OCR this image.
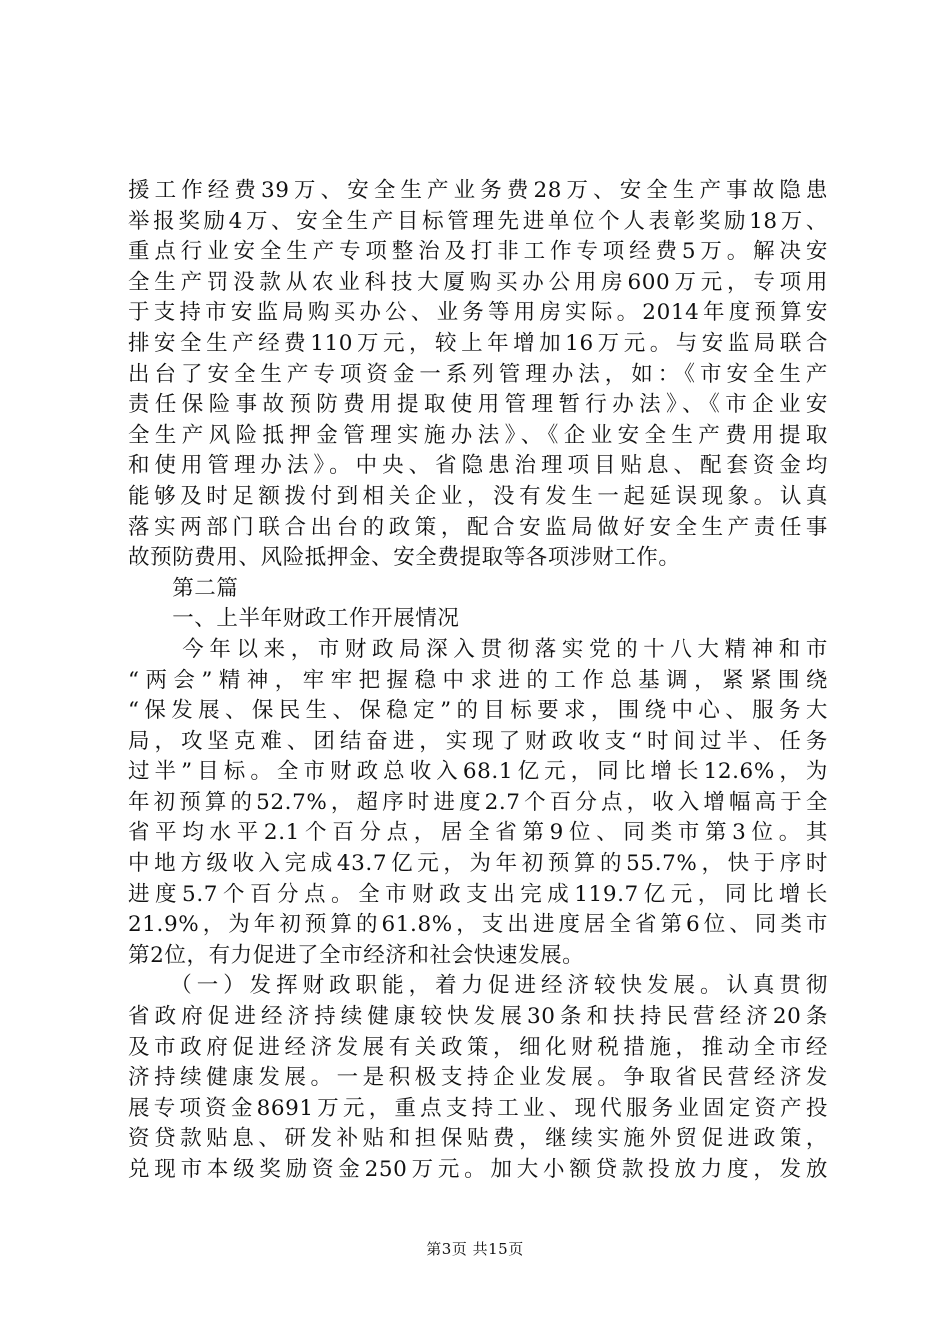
援工作经费39万、安全生产业务费28万、安全生产事故隐患
举报奖励4万、安全生产目标管理先进单位个人表彰奖励18万、
重点行业安全生产专项整治及打非工作专项经费5万。解决安
全生产罚没款从农业科技大厦购买办公用房600万元，专项用
于支持市安监局购买办公、业务等用房实际。2014年度预算安
排安全生产经费110万元，较上年增加16万元。与安监局联合
出台了安全生产专项资金一系列管理办法，如：《市安全生产
责任保险事故预防费用提取使用管理暂行办法》、《市企业安
全生产风险抵押金管理实施办法》、《企业安全生产费用提取
和使用管理办法》。中央、省隐患治理项目贴息、配套资金均
能够及时足额拨付到相关企业，没有发生一起延误现象。认真
落实两部门联合出台的政策，配合安监局做好安全生产责任事
故预防费用、风险抵押金、安全费提取等各项涉财工作。
　　第二篇
　　一、上半年财政工作开展情况
　　今年以来，市财政局深入贯彻落实党的十八大精神和市
“两会”精神，牢牢把握稳中求进的工作总基调，紧紧围绕
“保发展、保民生、保稳定”的目标要求，围绕中心、服务大
局，攻坚克难、团结奋进，实现了财政收支“时间过半、任务
过半”目标。全市财政总收入68.1亿元，同比增长12.6%，为
年初预算的52.7%，超序时进度2.7个百分点，收入增幅高于全
省平均水平2.1个百分点，居全省第9位、同类市第3位。其
中地方级收入完成43.7亿元，为年初预算的55.7%，快于序时
进度5.7个百分点。全市财政支出完成119.7亿元，同比增长
21.9%，为年初预算的61.8%，支出进度居全省第6位、同类市
第2位，有力促进了全市经济和社会快速发展。
　　（一）发挥财政职能，着力促进经济较快发展。认真贯彻
省政府促进经济持续健康较快发展30条和扶持民营经济20条
及市政府促进经济发展有关政策，细化财税措施，推动全市经
济持续健康发展。一是积极支持企业发展。争取省民营经济发
展专项资金8691万元，重点支持工业、现代服务业固定资产投
资贷款贴息、研发补贴和担保贴费，继续实施外贸促进政策，
兑现市本级奖励资金250万元。加大小额贷款投放力度，发放
第3页 共15页
